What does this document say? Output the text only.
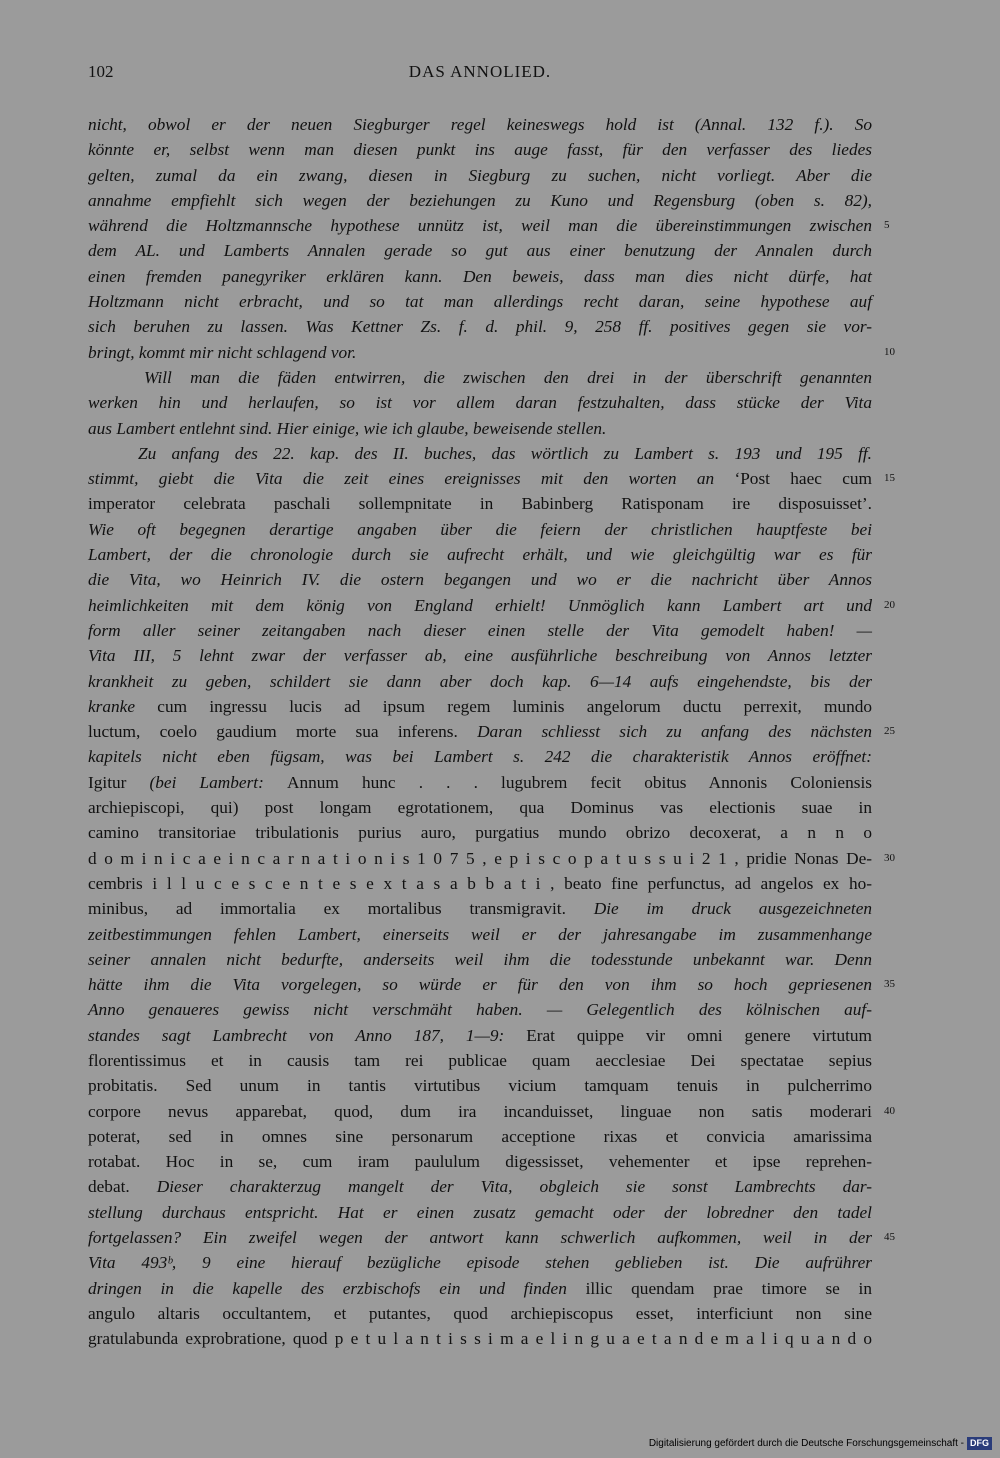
102	DAS ANNOLIED.
nicht, obwol er der neuen Siegburger regel keineswegs hold ist (Annal. 132 f.). So
könnte er, selbst wenn man diesen punkt ins auge fasst, für den verfasser des liedes
gelten, zumal da ein zwang, diesen in Siegburg zu suchen, nicht vorliegt. Aber die
annahme empfiehlt sich wegen der beziehungen zu Kuno und Regensburg (oben s. 82),
während die Holtzmannsche hypothese unnütz ist, weil man die übereinstimmungen zwischen 5
dem AL. und Lamberts Annalen gerade so gut aus einer benutzung der Annalen durch
einen fremden panegyriker erklären kann. Den beweis, dass man dies nicht dürfe, hat
Holtzmann nicht erbracht, und so tat man allerdings recht daran, seine hypothese auf
sich beruhen zu lassen. Was Kettner Zs. f. d. phil. 9, 258 ff. positives gegen sie vor-
bringt, kommt mir nicht schlagend vor.	10
Will man die fäden entwirren, die zwischen den drei in der überschrift genannten
werken hin und herlaufen, so ist vor allem daran festzuhalten, dass stücke der Vita
aus Lambert entlehnt sind. Hier einige, wie ich glaube, beweisende stellen.
Zu anfang des 22. kap. des II. buches, das wörtlich zu Lambert s. 193 und 195 ff.
stimmt, giebt die Vita die zeit eines ereignisses mit den worten an ‘Post haec cum 15
imperator celebrata paschali sollempnitate in Babinberg Ratisponam ire disposuisset’.
Wie oft begegnen derartige angaben über die feiern der christlichen hauptfeste bei
Lambert, der die chronologie durch sie aufrecht erhält, und wie gleichgültig war es für
die Vita, wo Heinrich IV. die ostern begangen und wo er die nachricht über Annos
heimlichkeiten mit dem könig von England erhielt! Unmöglich kann Lambert art und 20
form aller seiner zeitangaben nach dieser einen stelle der Vita gemodelt haben! —
Vita III, 5 lehnt zwar der verfasser ab, eine ausführliche beschreibung von Annos letzter
krankheit zu geben, schildert sie dann aber doch kap. 6—14 aufs eingehendste, bis der
kranke cum ingressu lucis ad ipsum regem luminis angelorum ductu perrexit, mundo
luctum, coelo gaudium morte sua inferens. Daran schliesst sich zu anfang des nächsten 25
kapitels nicht eben fügsam, was bei Lambert s. 242 die charakteristik Annos eröffnet:
Igitur (bei Lambert: Annum hunc . . . lugubrem fecit obitus Annonis Coloniensis
archiepiscopi, qui) post longam egrotationem, qua Dominus vas electionis suae in
camino transitoriae tribulationis purius auro, purgatius mundo obrizo decoxerat, a n n o
d o m i n i c a e i n c a r n a t i o n i s 1 0 7 5 , e p i s c o p a t u s s u i 2 1 , pridie Nonas De- 30
cembris i l l u c e s c e n t e s e x t a s a b b a t i , beato fine perfunctus, ad angelos ex ho-
minibus, ad immortalia ex mortalibus transmigravit. Die im druck ausgezeichneten
zeitbestimmungen fehlen Lambert, einerseits weil er der jahresangabe im zusammenhange
seiner annalen nicht bedurfte, anderseits weil ihm die todesstunde unbekannt war. Denn
hätte ihm die Vita vorgelegen, so würde er für den von ihm so hoch gepriesenen 35
Anno genaueres gewiss nicht verschmäht haben. — Gelegentlich des kölnischen auf-
standes sagt Lambrecht von Anno 187, 1—9: Erat quippe vir omni genere virtutum
florentissimus et in causis tam rei publicae quam aecclesiae Dei spectatae sepius
probitatis. Sed unum in tantis virtutibus vicium tamquam tenuis in pulcherrimo
corpore nevus apparebat, quod, dum ira incanduisset, linguae non satis moderari 40
poterat, sed in omnes sine personarum acceptione rixas et convicia amarissima
rotabat. Hoc in se, cum iram paululum digessisset, vehementer et ipse reprehen-
debat. Dieser charakterzug mangelt der Vita, obgleich sie sonst Lambrechts dar-
stellung durchaus entspricht. Hat er einen zusatz gemacht oder der lobredner den tadel
fortgelassen? Ein zweifel wegen der antwort kann schwerlich aufkommen, weil in der 45
Vita 493ᵇ, 9 eine hierauf bezügliche episode stehen geblieben ist. Die aufrührer
dringen in die kapelle des erzbischofs ein und finden illic quendam prae timore se in
angulo altaris occultantem, et putantes, quod archiepiscopus esset, interficiunt non sine
gratulabunda exprobratione, quod p e t u l a n t i s s i m a e l i n g u a e t a n d e m a l i q u a n d o
Digitalisierung gefördert durch die Deutsche Forschungsgemeinschaft - DFG
